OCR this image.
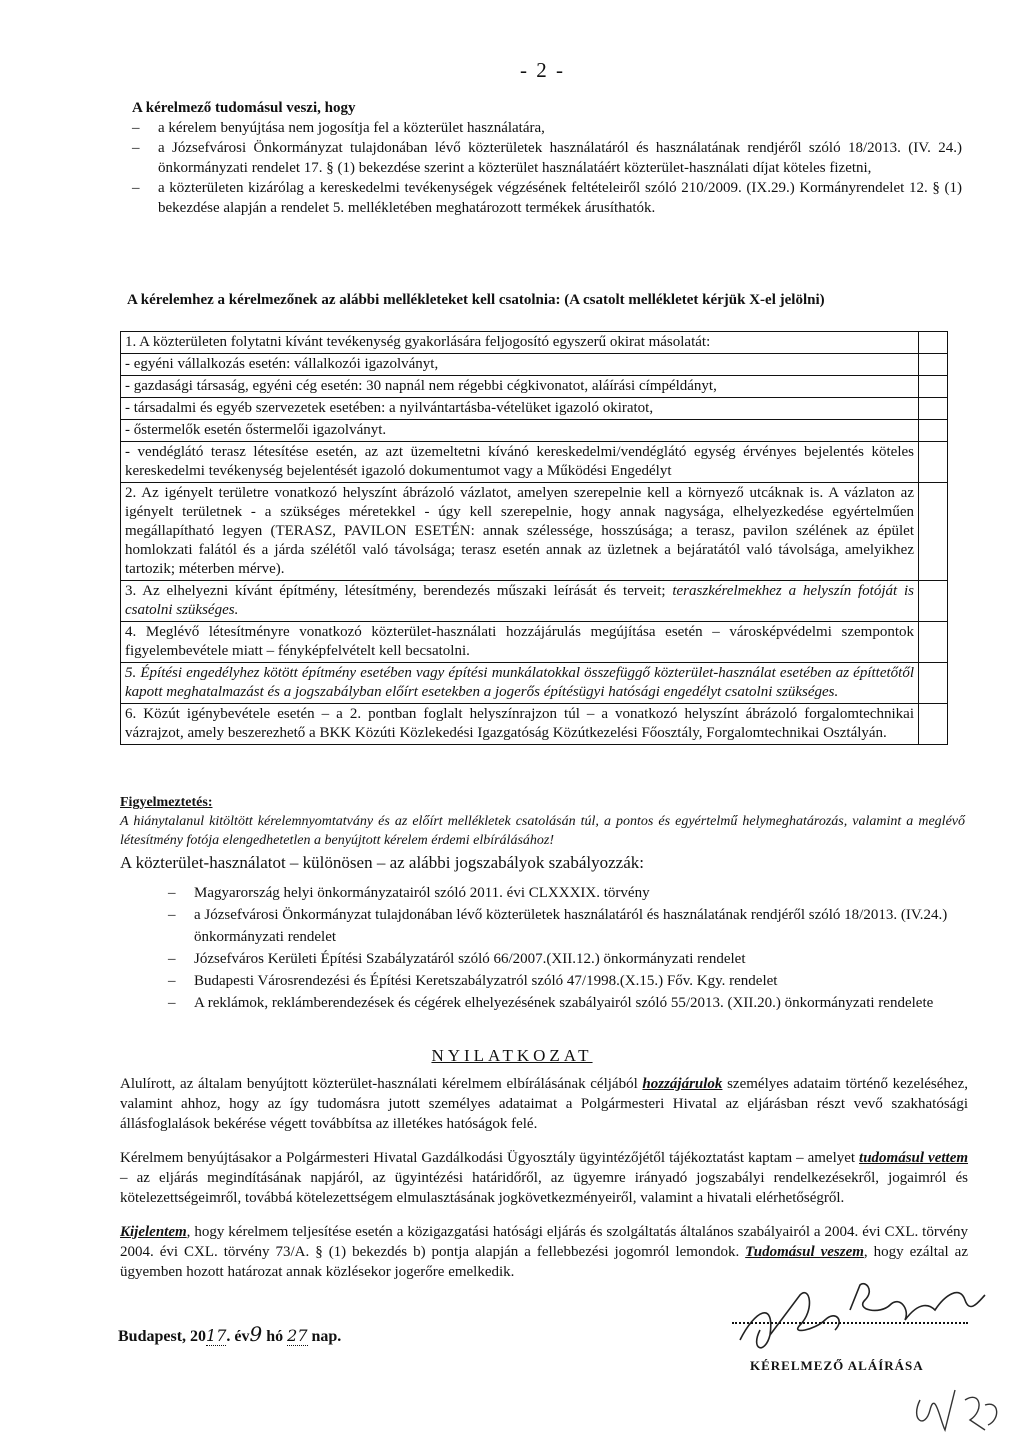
- 2 -
A kérelmező tudomásul veszi, hogy
– a kérelem benyújtása nem jogosítja fel a közterület használatára,
– a Józsefvárosi Önkormányzat tulajdonában lévő közterületek használatáról és használatának rendjéről szóló 18/2013. (IV. 24.) önkormányzati rendelet 17. § (1) bekezdése szerint a közterület használatáért közterület-használati díjat köteles fizetni,
– a közterületen kizárólag a kereskedelmi tevékenységek végzésének feltételeiről szóló 210/2009. (IX.29.) Kormányrendelet 12. § (1) bekezdése alapján a rendelet 5. mellékletében meghatározott termékek árusíthatók.
A kérelemhez a kérelmezőnek az alábbi mellékleteket kell csatolnia: (A csatolt mellékletet kérjük X-el jelölni)
1. A közterületen folytatni kívánt tevékenység gyakorlására feljogosító egyszerű okirat másolatát:	
- egyéni vállalkozás esetén: vállalkozói igazolványt,	
- gazdasági társaság, egyéni cég esetén: 30 napnál nem régebbi cégkivonatot, aláírási címpéldányt,	
- társadalmi és egyéb szervezetek esetében: a nyilvántartásba-vételüket igazoló okiratot,	
- őstermelők esetén őstermelői igazolványt.	
- vendéglátó terasz létesítése esetén, az azt üzemeltetni kívánó kereskedelmi/vendéglátó egység érvényes bejelentés köteles kereskedelmi tevékenység bejelentését igazoló dokumentumot vagy a Működési Engedélyt	
2. Az igényelt területre vonatkozó helyszínt ábrázoló vázlatot, amelyen szerepelnie kell a környező utcáknak is. A vázlaton az igényelt területnek - a szükséges méretekkel - úgy kell szerepelnie, hogy annak nagysága, elhelyezkedése egyértelműen megállapítható legyen (TERASZ, PAVILON ESETÉN: annak szélessége, hosszúsága; a terasz, pavilon szélének az épület homlokzati falától és a járda szélétől való távolsága; terasz esetén annak az üzletnek a bejáratától való távolsága, amelyikhez tartozik; méterben mérve).	
3. Az elhelyezni kívánt építmény, létesítmény, berendezés műszaki leírását és terveit; teraszkérelmekhez a helyszín fotóját is csatolni szükséges.	
4. Meglévő létesítményre vonatkozó közterület-használati hozzájárulás megújítása esetén – városképvédelmi szempontok figyelembevétele miatt – fényképfelvételt kell becsatolni.	
5. Építési engedélyhez kötött építmény esetében vagy építési munkálatokkal összefüggő közterület-használat esetében az építtetőtől kapott meghatalmazást és a jogszabályban előírt esetekben a jogerős építésügyi hatósági engedélyt csatolni szükséges.	
6. Közút igénybevétele esetén – a 2. pontban foglalt helyszínrajzon túl – a vonatkozó helyszínt ábrázoló forgalomtechnikai vázrajzot, amely beszerezhető a BKK Közúti Közlekedési Igazgatóság Közútkezelési Főosztály, Forgalomtechnikai Osztályán.	
Figyelmeztetés:
A hiánytalanul kitöltött kérelemnyomtatvány és az előírt mellékletek csatolásán túl, a pontos és egyértelmű helymeghatározás, valamint a meglévő létesítmény fotója elengedhetetlen a benyújtott kérelem érdemi elbírálásához!
A közterület-használatot – különösen – az alábbi jogszabályok szabályozzák:
– Magyarország helyi önkormányzatairól szóló 2011. évi CLXXXIX. törvény
– a Józsefvárosi Önkormányzat tulajdonában lévő közterületek használatáról és használatának rendjéről szóló 18/2013. (IV.24.) önkormányzati rendelet
– Józsefváros Kerületi Építési Szabályzatáról szóló 66/2007.(XII.12.) önkormányzati rendelet
– Budapesti Városrendezési és Építési Keretszabályzatról szóló 47/1998.(X.15.) Főv. Kgy. rendelet
– A reklámok, reklámberendezések és cégérek elhelyezésének szabályairól szóló 55/2013. (XII.20.) önkormányzati rendelete
NYILATKOZAT

Alulírott, az általam benyújtott közterület-használati kérelmem elbírálásának céljából hozzájárulok személyes adataim történő kezeléséhez, valamint ahhoz, hogy az így tudomásra jutott személyes adataimat a Polgármesteri Hivatal az eljárásban részt vevő szakhatósági állásfoglalások bekérése végett továbbítsa az illetékes hatóságok felé.

Kérelmem benyújtásakor a Polgármesteri Hivatal Gazdálkodási Ügyosztály ügyintézőjétől tájékoztatást kaptam – amelyet tudomásul vettem – az eljárás megindításának napjáról, az ügyintézési határidőről, az ügyemre irányadó jogszabályi rendelkezésekről, jogaimról és kötelezettségeimről, továbbá kötelezettségem elmulasztásának jogkövetkezményeiről, valamint a hivatali elérhetőségről.

Kijelentem, hogy kérelmem teljesítése esetén a közigazgatási hatósági eljárás és szolgáltatás általános szabályairól a 2004. évi CXL. törvény 2004. évi CXL. törvény 73/A. § (1) bekezdés b) pontja alapján a fellebbezési jogomról lemondok. Tudomásul veszem, hogy ezáltal az ügyemben hozott határozat annak közlésekor jogerőre emelkedik.

Budapest, 2017. év9 hó 27 nap.
KÉRELMEZŐ ALÁÍRÁSA
